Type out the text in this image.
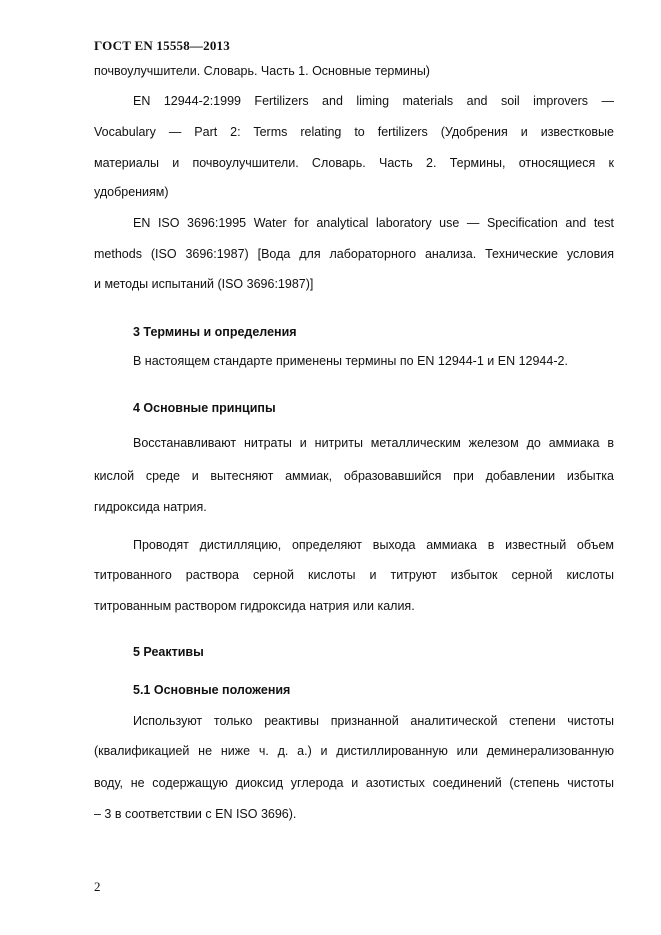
ГОСТ EN 15558—2013
почвоулучшители. Словарь. Часть 1. Основные термины)
EN 12944-2:1999 Fertilizers and liming materials and soil improvers —
Vocabulary — Part 2: Terms relating to fertilizers (Удобрения и известковые
материалы и почвоулучшители. Словарь. Часть 2. Термины, относящиеся к
удобрениям)
EN ISO 3696:1995 Water for analytical laboratory use — Specification and test
methods (ISO 3696:1987) [Вода для лабораторного анализа. Технические условия
и методы испытаний (ISO 3696:1987)]
3 Термины и определения
В настоящем стандарте применены термины по EN 12944-1 и EN 12944-2.
4 Основные принципы
Восстанавливают нитраты и нитриты металлическим железом до аммиака в
кислой среде и вытесняют аммиак, образовавшийся при добавлении избытка
гидроксида натрия.
Проводят дистилляцию, определяют выхода аммиака в известный объем
титрованного раствора серной кислоты и титруют избыток серной кислоты
титрованным раствором гидроксида натрия или калия.
5 Реактивы
5.1 Основные положения
Используют только реактивы признанной аналитической степени чистоты
(квалификацией не ниже ч. д. а.) и дистиллированную или деминерализованную
воду, не содержащую диоксид углерода и азотистых соединений (степень чистоты
– 3 в соответствии с EN ISO 3696).
2
